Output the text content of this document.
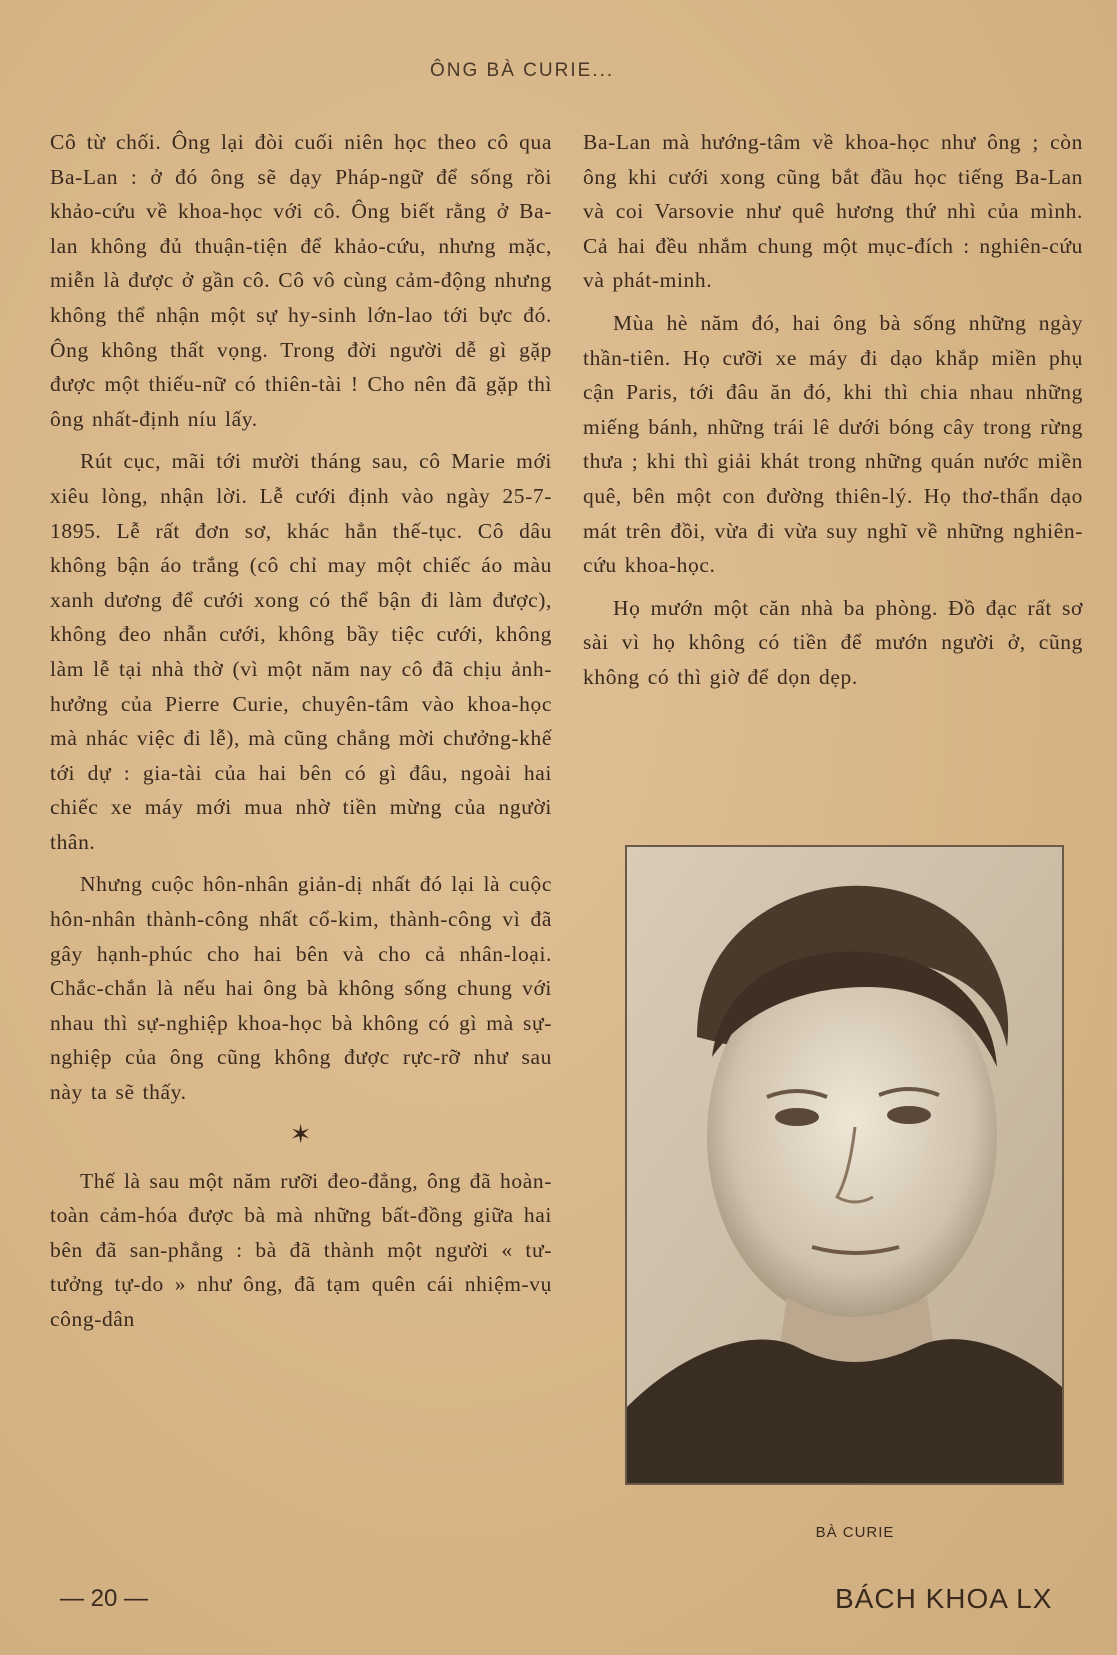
ÔNG BÀ CURIE...

Cô từ chối. Ông lại đòi cuối niên học theo cô qua Ba-Lan : ở đó ông sẽ dạy Pháp-ngữ để sống rồi khảo-cứu về khoa-học với cô. Ông biết rằng ở Ba-lan không đủ thuận-tiện để khảo-cứu, nhưng mặc, miễn là được ở gần cô. Cô vô cùng cảm-động nhưng không thể nhận một sự hy-sinh lớn-lao tới bực đó. Ông không thất vọng. Trong đời người dễ gì gặp được một thiếu-nữ có thiên-tài ! Cho nên đã gặp thì ông nhất-định níu lấy.

Rút cục, mãi tới mười tháng sau, cô Marie mới xiêu lòng, nhận lời. Lễ cưới định vào ngày 25-7-1895. Lễ rất đơn sơ, khác hẳn thế-tục. Cô dâu không bận áo trắng (cô chỉ may một chiếc áo màu xanh dương để cưới xong có thể bận đi làm được), không đeo nhẫn cưới, không bầy tiệc cưới, không làm lễ tại nhà thờ (vì một năm nay cô đã chịu ảnh-hưởng của Pierre Curie, chuyên-tâm vào khoa-học mà nhác việc đi lễ), mà cũng chẳng mời chưởng-khế tới dự : gia-tài của hai bên có gì đâu, ngoài hai chiếc xe máy mới mua nhờ tiền mừng của người thân.

Nhưng cuộc hôn-nhân giản-dị nhất đó lại là cuộc hôn-nhân thành-công nhất cổ-kim, thành-công vì đã gây hạnh-phúc cho hai bên và cho cả nhân-loại. Chắc-chắn là nếu hai ông bà không sống chung với nhau thì sự-nghiệp khoa-học bà không có gì mà sự-nghiệp của ông cũng không được rực-rỡ như sau này ta sẽ thấy.

✶

Thế là sau một năm rưỡi đeo-đẳng, ông đã hoàn-toàn cảm-hóa được bà mà những bất-đồng giữa hai bên đã san-phẳng : bà đã thành một người « tư-tưởng tự-do » như ông, đã tạm quên cái nhiệm-vụ công-dân

Ba-Lan mà hướng-tâm về khoa-học như ông ; còn ông khi cưới xong cũng bắt đầu học tiếng Ba-Lan và coi Varsovie như quê hương thứ nhì của mình. Cả hai đều nhắm chung một mục-đích : nghiên-cứu và phát-minh.

Mùa hè năm đó, hai ông bà sống những ngày thần-tiên. Họ cưỡi xe máy đi dạo khắp miền phụ cận Paris, tới đâu ăn đó, khi thì chia nhau những miếng bánh, những trái lê dưới bóng cây trong rừng thưa ; khi thì giải khát trong những quán nước miền quê, bên một con đường thiên-lý. Họ thơ-thẩn dạo mát trên đồi, vừa đi vừa suy nghĩ về những nghiên-cứu khoa-học.

Họ mướn một căn nhà ba phòng. Đồ đạc rất sơ sài vì họ không có tiền để mướn người ở, cũng không có thì giờ để dọn dẹp.

BÀ CURIE
— 20 —	BÁCH KHOA LX
